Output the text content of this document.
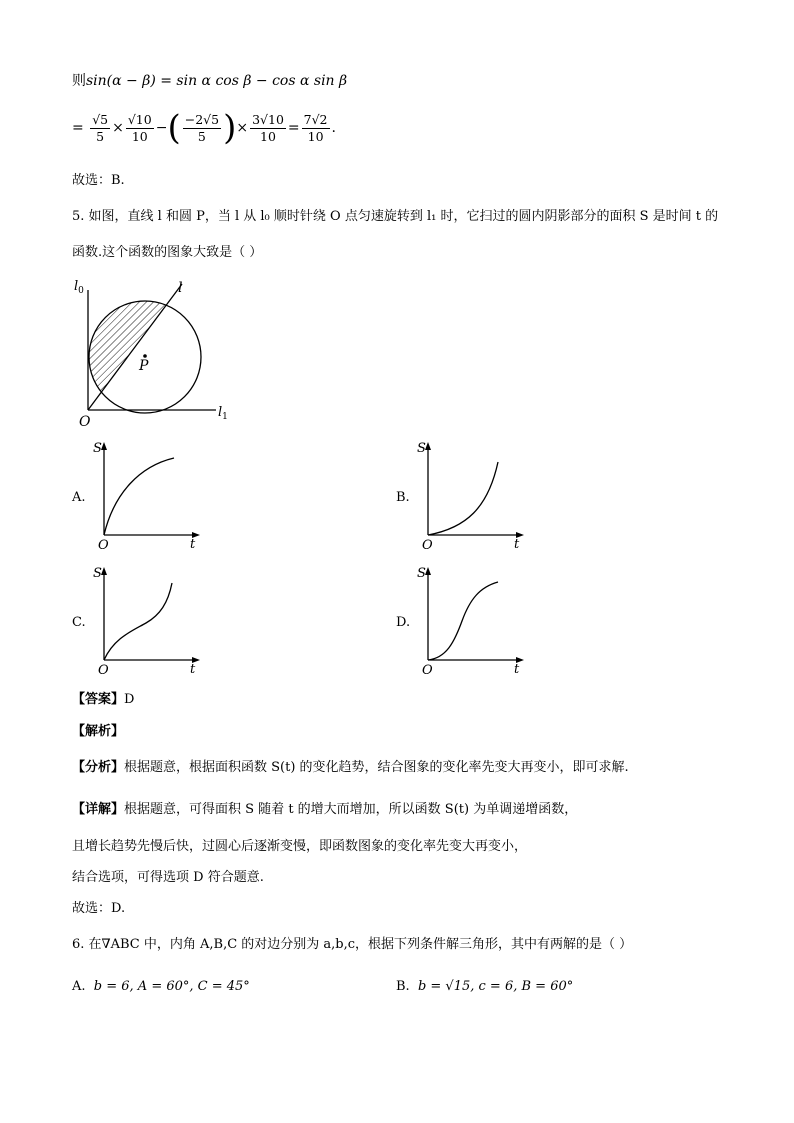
则sin(α − β) = sin α cos β − cos α sin β
= $\frac{√5}{5} \times \frac{√10}{10}$ −( $\frac{-2√5}{5}$ )× $\frac{3√10}{10} = \frac{7√2}{10}$ .
故选：B.
5. 如图，直线 l 和圆 P，当 l 从 l₀ 顺时针绕 O 点匀速旋转到 l₁ 时，它扫过的圆内阴影部分的面积 S 是时间 t 的
函数.这个函数的图象大致是（ ）
$l_0$	l
P
O
$l_1$
A.
S
O	t
B.
S
O	t
C.
S
O	t
D.
S
O	t
【答案】D
【解析】
【分析】根据题意，根据面积函数 S(t) 的变化趋势，结合图象的变化率先变大再变小，即可求解.
【详解】根据题意，可得面积 S 随着 t 的增大而增加，所以函数 S(t) 为单调递增函数，
且增长趋势先慢后快，过圆心后逐渐变慢，即函数图象的变化率先变大再变小，
结合选项，可得选项 D 符合题意.
故选：D.
6. 在∇ABC 中，内角 A,B,C 的对边分别为 a,b,c，根据下列条件解三角形，其中有两解的是（ ）
A. b = 6, A = 60°, C = 45°	B. b = √15, c = 6, B = 60°
